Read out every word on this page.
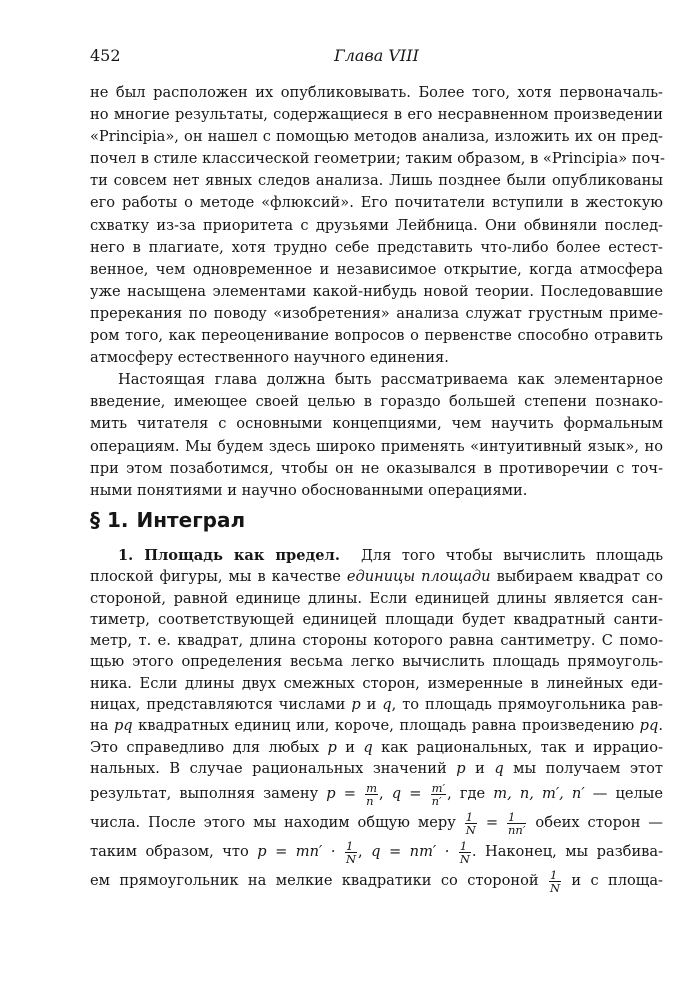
452	Глава VIII
не был расположен их опубликовывать. Более того, хотя первоначаль-
но многие результаты, содержащиеся в его несравненном произведении
«Principia», он нашел с помощью методов анализа, изложить их он пред-
почел в стиле классической геометрии; таким образом, в «Principia» поч-
ти совсем нет явных следов анализа. Лишь позднее были опубликованы
его работы о методе «флюксий». Его почитатели вступили в жестокую
схватку из-за приоритета с друзьями Лейбница. Они обвиняли послед-
него в плагиате, хотя трудно себе представить что-либо более естест-
венное, чем одновременное и независимое открытие, когда атмосфера
уже насыщена элементами какой-нибудь новой теории. Последовавшие
пререкания по поводу «изобретения» анализа служат грустным приме-
ром того, как переоценивание вопросов о первенстве способно отравить
атмосферу естественного научного единения.
Настоящая глава должна быть рассматриваема как элементарное
введение, имеющее своей целью в гораздо большей степени познако-
мить читателя с основными концепциями, чем научить формальным
операциям. Мы будем здесь широко применять «интуитивный язык», но
при этом позаботимся, чтобы он не оказывался в противоречии с точ-
ными понятиями и научно обоснованными операциями.
§ 1. Интеграл
1. Площадь как предел. Для того чтобы вычислить площадь
плоской фигуры, мы в качестве единицы площади выбираем квадрат со
стороной, равной единице длины. Если единицей длины является сан-
тиметр, соответствующей единицей площади будет квадратный санти-
метр, т. е. квадрат, длина стороны которого равна сантиметру. С помо-
щью этого определения весьма легко вычислить площадь прямоуголь-
ника. Если длины двух смежных сторон, измеренные в линейных еди-
ницах, представляются числами p и q, то площадь прямоугольника рав-
на pq квадратных единиц или, короче, площадь равна произведению pq.
Это справедливо для любых p и q как рациональных, так и иррацио-
нальных. В случае рациональных значений p и q мы получаем этот
результат, выполняя замену $p = \frac{m}{n}$ , $q = \frac{m'}{n'}$ , где m, n, m′, n′ — целые
числа. После этого мы находим общую меру $\frac{1}{N} = \frac{1}{nn'}$ обеих сторон —
таким образом, что $p = mn' \cdot \frac{1}{N}$ , $q = nm' \cdot \frac{1}{N}$ . Наконец, мы разбива-
ем прямоугольник на мелкие квадратики со стороной $\frac{1}{N}$ и с площа-
